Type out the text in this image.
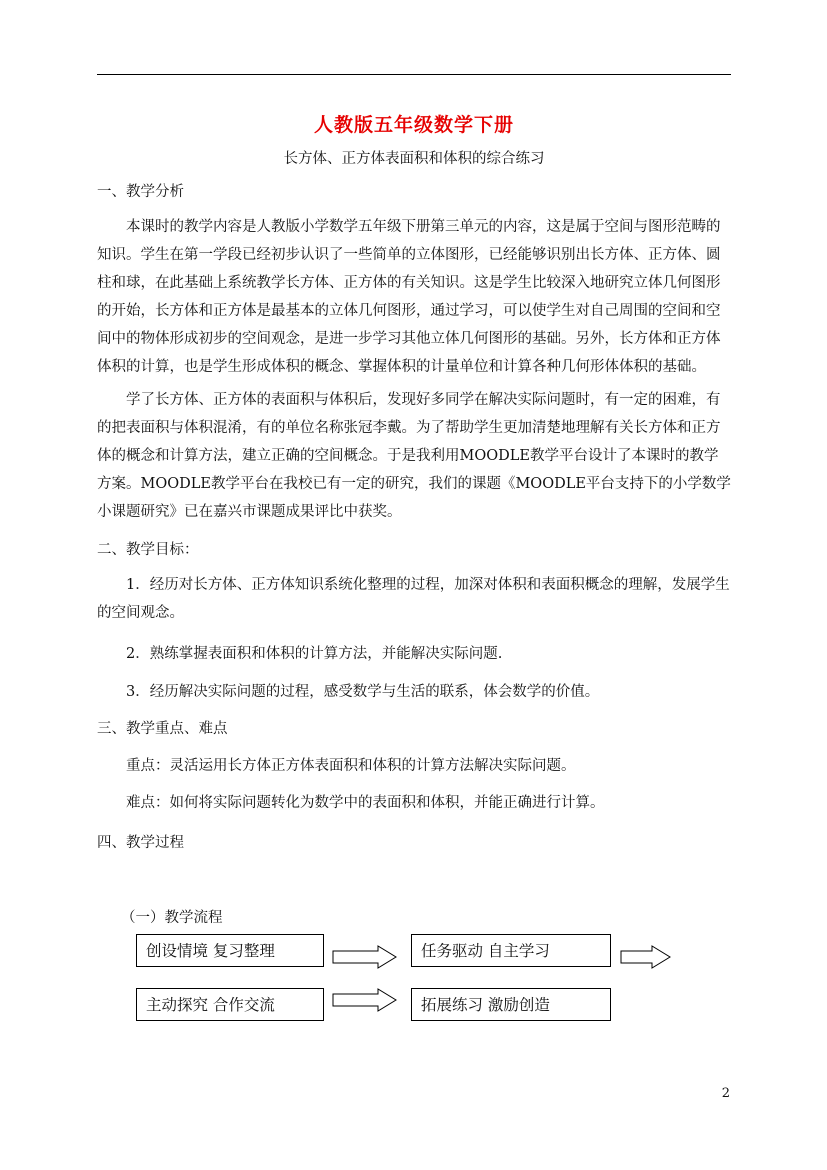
人教版五年级数学下册
长方体、正方体表面积和体积的综合练习
一、教学分析

本课时的教学内容是人教版小学数学五年级下册第三单元的内容，这是属于空间与图形范畴的知识。学生在第一学段已经初步认识了一些简单的立体图形，已经能够识别出长方体、正方体、圆柱和球，在此基础上系统教学长方体、正方体的有关知识。这是学生比较深入地研究立体几何图形的开始，长方体和正方体是最基本的立体几何图形，通过学习，可以使学生对自己周围的空间和空间中的物体形成初步的空间观念，是进一步学习其他立体几何图形的基础。另外，长方体和正方体体积的计算，也是学生形成体积的概念、掌握体积的计量单位和计算各种几何形体体积的基础。

学了长方体、正方体的表面积与体积后，发现好多同学在解决实际问题时，有一定的困难，有的把表面积与体积混淆，有的单位名称张冠李戴。为了帮助学生更加清楚地理解有关长方体和正方体的概念和计算方法，建立正确的空间概念。于是我利用MOODLE教学平台设计了本课时的教学方案。MOODLE教学平台在我校已有一定的研究，我们的课题《MOODLE平台支持下的小学数学小课题研究》已在嘉兴市课题成果评比中获奖。

二、教学目标：

1．经历对长方体、正方体知识系统化整理的过程，加深对体积和表面积概念的理解，发展学生的空间观念。

2．熟练掌握表面积和体积的计算方法，并能解决实际问题.

3．经历解决实际问题的过程，感受数学与生活的联系，体会数学的价值。

三、教学重点、难点

重点：灵活运用长方体正方体表面积和体积的计算方法解决实际问题。

难点：如何将实际问题转化为数学中的表面积和体积，并能正确进行计算。

四、教学过程
（一）教学流程
创设情境 复习整理	任务驱动 自主学习
主动探究 合作交流	拓展练习 激励创造
2
